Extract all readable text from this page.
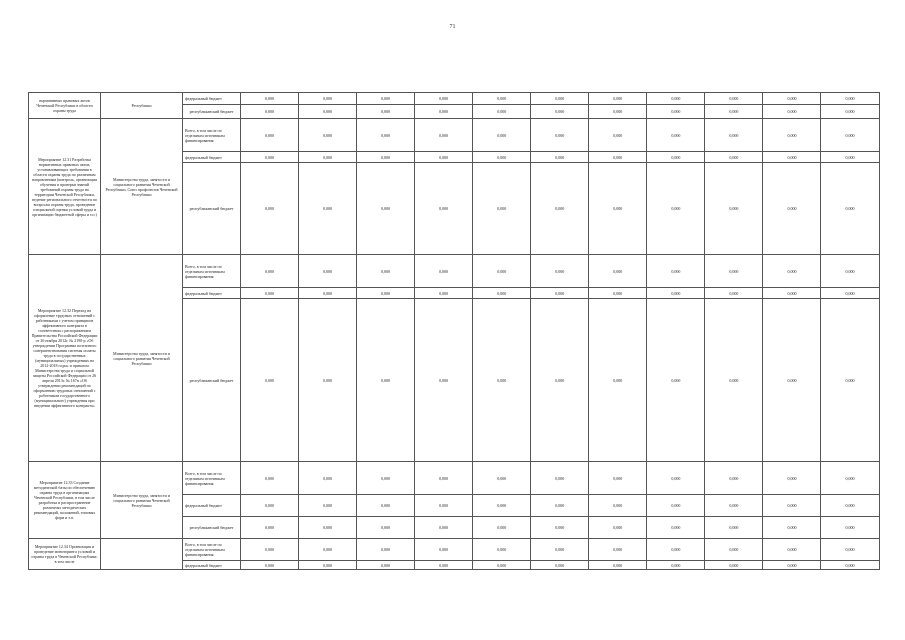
71
нормативных правовых актов Чеченской Республики в области охраны труда	Республики	федеральный бюджет	0,000	0,000	0,000	0,000	0,000	0,000	0,000	0,000	0,000	0,000	0,000
		республиканский бюджет	0,000	0,000	0,000	0,000	0,000	0,000	0,000	0,000	0,000	0,000	0,000
Мероприятие 12.31 Разработка нормативных правовых актов, устанавливающих требования в области охраны труда по различным направлениям (контроль, организация обучения и проверки знаний требований охраны труда на территории Чеченской Республики, ведение регионального отчетности по вопросам охраны труда, проведение специальной оценки условий труда и организации бюджетной сферы и т.п.)	Министерство труда, занятости и социального развития Чеченской Республики, Союз профсоюзов Чеченской Республики	Всего, в том числе по отдельным источникам финансирования	0,000	0,000	0,000	0,000	0,000	0,000	0,000	0,000	0,000	0,000	0,000
		федеральный бюджет	0,000	0,000	0,000	0,000	0,000	0,000	0,000	0,000	0,000	0,000	0,000
		республиканский бюджет	0,000	0,000	0,000	0,000	0,000	0,000	0,000	0,000	0,000	0,000	0,000
Мероприятие 12.32 Переход на оформление трудовых отношений с работниками с учетом принципов эффективного контракта в соответствии с распоряжением Правительства Российской Федерации от 26 ноября 2012г. № 2190-р «Об утверждении Программы поэтапного совершенствования системы оплаты труда в государственных (муниципальных) учреждениях на 2012-2018 годы» и приказом Министерства труда и социальной защиты Российской Федерации от 26 апреля 2013г. № 167н «Об утверждении рекомендаций по оформлению трудовых отношений с работником государственного (муниципального) учреждения при введении эффективного контракта»	Министерство труда, занятости и социального развития Чеченской Республики	Всего, в том числе по отдельным источникам финансирования	0,000	0,000	0,000	0,000	0,000	0,000	0,000	0,000	0,000	0,000	0,000
		федеральный бюджет	0,000	0,000	0,000	0,000	0,000	0,000	0,000	0,000	0,000	0,000	0,000
		республиканский бюджет	0,000	0,000	0,000	0,000	0,000	0,000	0,000	0,000	0,000	0,000	0,000
Мероприятие 12.33 Создание методической базы по обеспечению охраны труда в организациях Чеченской Республики, в том числе разработка и распространение различных методических рекомендаций, положений, типовых форм и т.п.	Министерство труда, занятости и социального развития Чеченской Республики	Всего, в том числе по отдельным источникам финансирования	0,000	0,000	0,000	0,000	0,000	0,000	0,000	0,000	0,000	0,000	0,000
		федеральный бюджет	0,000	0,000	0,000	0,000	0,000	0,000	0,000	0,000	0,000	0,000	0,000
		республиканский бюджет	0,000	0,000	0,000	0,000	0,000	0,000	0,000	0,000	0,000	0,000	0,000
Мероприятие 12.34 Организация и проведение мониторинга условий и охраны труда в Чеченской Республике, в том числе		Всего, в том числе по отдельным источникам финансирования	0,000	0,000	0,000	0,000	0,000	0,000	0,000	0,000	0,000	0,000	0,000
		федеральный бюджет	0,000	0,000	0,000	0,000	0,000	0,000	0,000	0,000	0,000	0,000	0,000
